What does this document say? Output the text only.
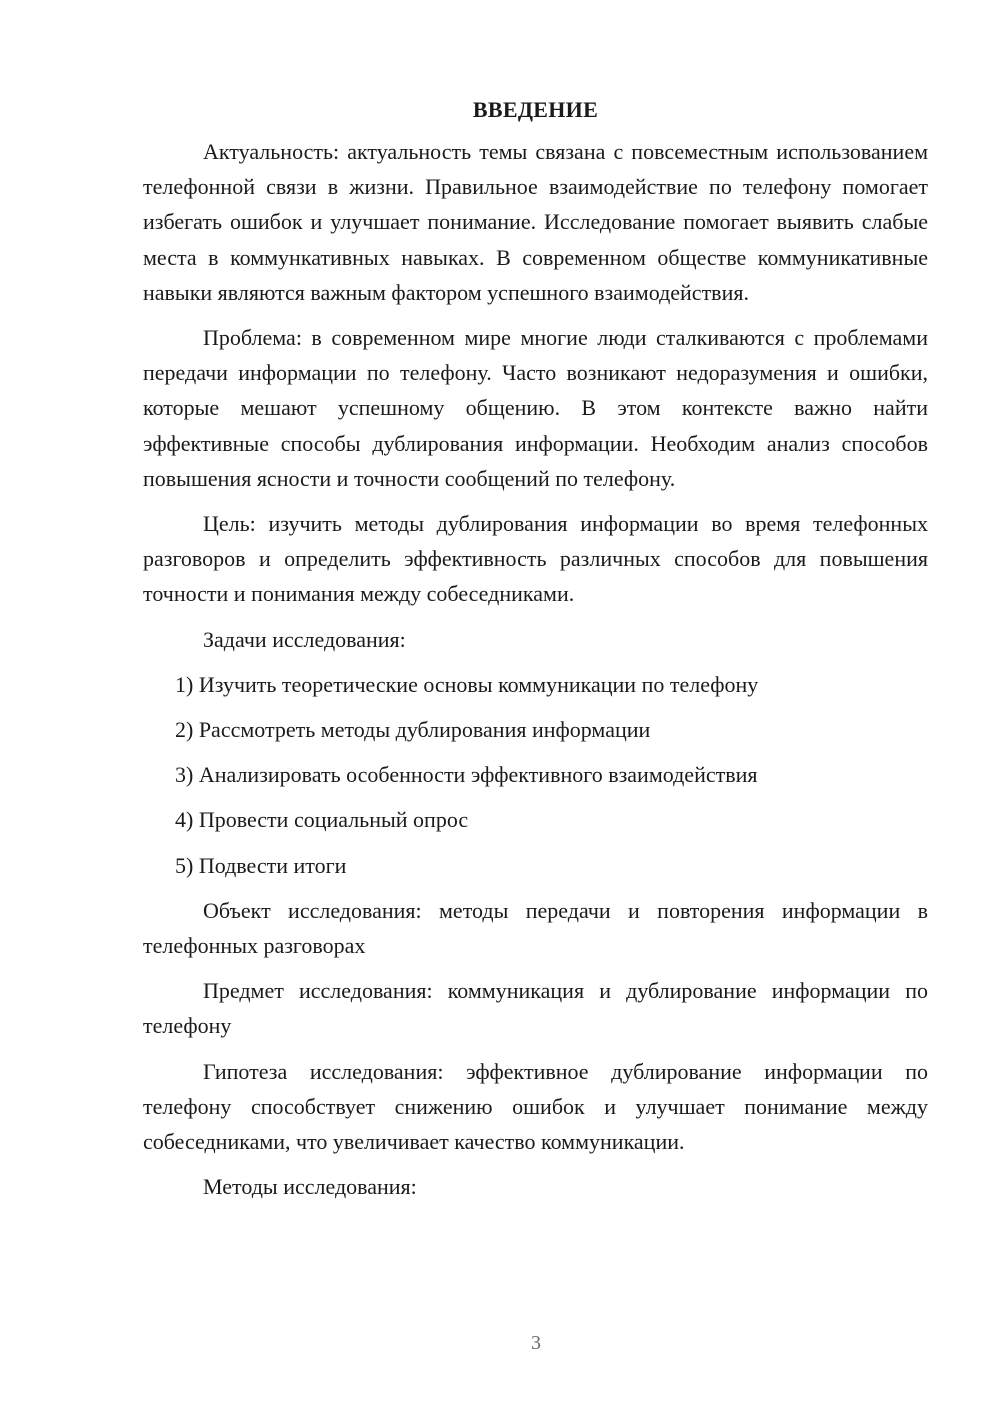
ВВЕДЕНИЕ

Актуальность: актуальность темы связана с повсеместным использованием телефонной связи в жизни. Правильное взаимодействие по телефону помогает избегать ошибок и улучшает понимание. Исследование помогает выявить слабые места в коммункативных навыках. В современном обществе коммуникативные навыки являются важным фактором успешного взаимодействия.

Проблема: в современном мире многие люди сталкиваются с проблемами передачи информации по телефону. Часто возникают недоразумения и ошибки, которые мешают успешному общению. В этом контексте важно найти эффективные способы дублирования информации. Необходим анализ способов повышения ясности и точности сообщений по телефону.

Цель: изучить методы дублирования информации во время телефонных разговоров и определить эффективность различных способов для повышения точности и понимания между собеседниками.

Задачи исследования:

1) Изучить теоретические основы коммуникации по телефону
2) Рассмотреть методы дублирования информации
3) Анализировать особенности эффективного взаимодействия
4) Провести социальный опрос
5) Подвести итоги

Объект исследования: методы передачи и повторения информации в телефонных разговорах

Предмет исследования: коммуникация и дублирование информации по телефону

Гипотеза исследования: эффективное дублирование информации по телефону способствует снижению ошибок и улучшает понимание между собеседниками, что увеличивает качество коммуникации.

Методы исследования:

3
